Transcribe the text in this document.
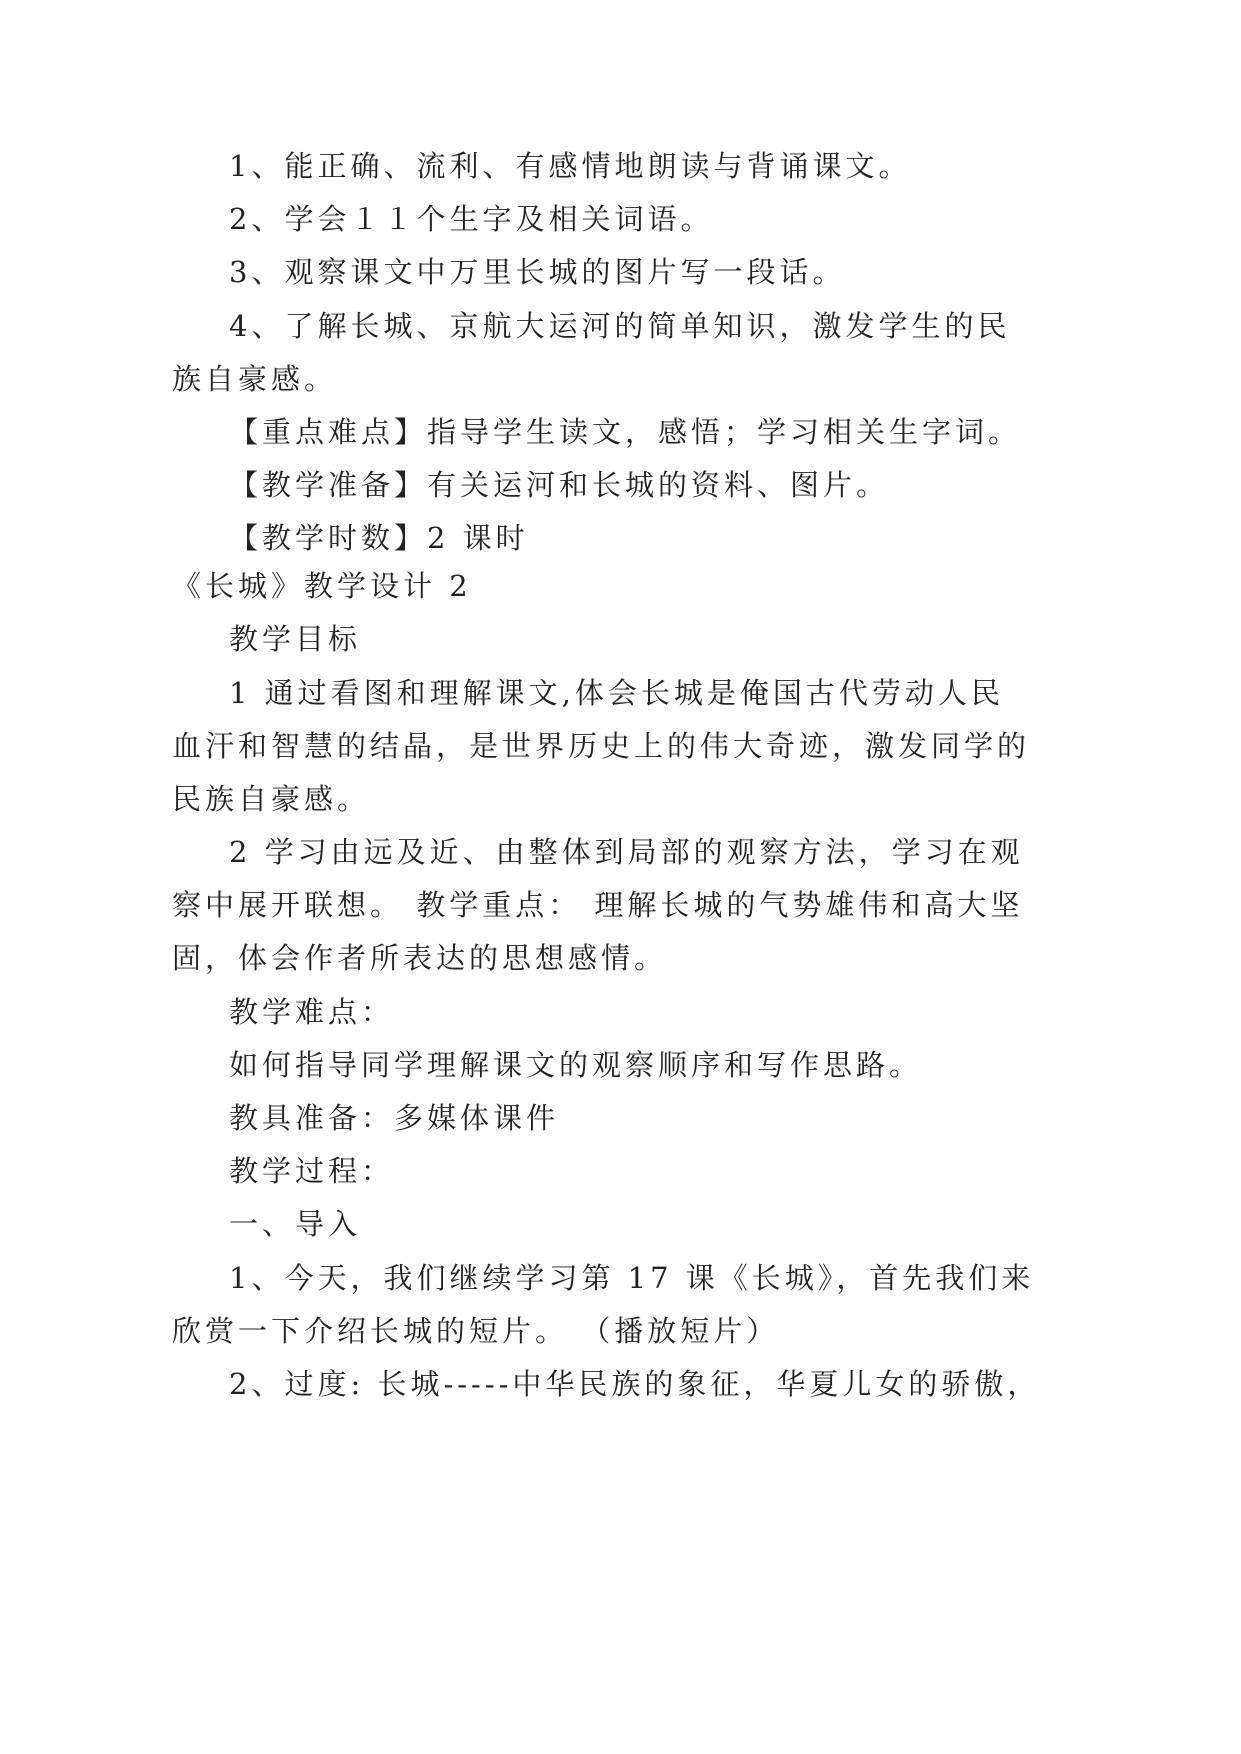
1、能正确、流利、有感情地朗读与背诵课文。

2、学会１１个生字及相关词语。

3、观察课文中万里长城的图片写一段话。

4、了解长城、京航大运河的简单知识，激发学生的民

族自豪感。

【重点难点】指导学生读文，感悟；学习相关生字词。

【教学准备】有关运河和长城的资料、图片。

【教学时数】2 课时

《长城》教学设计 2

教学目标

1 通过看图和理解课文,体会长城是俺国古代劳动人民

血汗和智慧的结晶，是世界历史上的伟大奇迹，激发同学的

民族自豪感。

2 学习由远及近、由整体到局部的观察方法，学习在观

察中展开联想。 教学重点： 理解长城的气势雄伟和高大坚

固，体会作者所表达的思想感情。

教学难点：

如何指导同学理解课文的观察顺序和写作思路。

教具准备：多媒体课件

教学过程：

一、导入

1、今天，我们继续学习第 17 课《长城》，首先我们来

欣赏一下介绍长城的短片。 （播放短片）

2、过度: 长城-----中华民族的象征，华夏儿女的骄傲，
